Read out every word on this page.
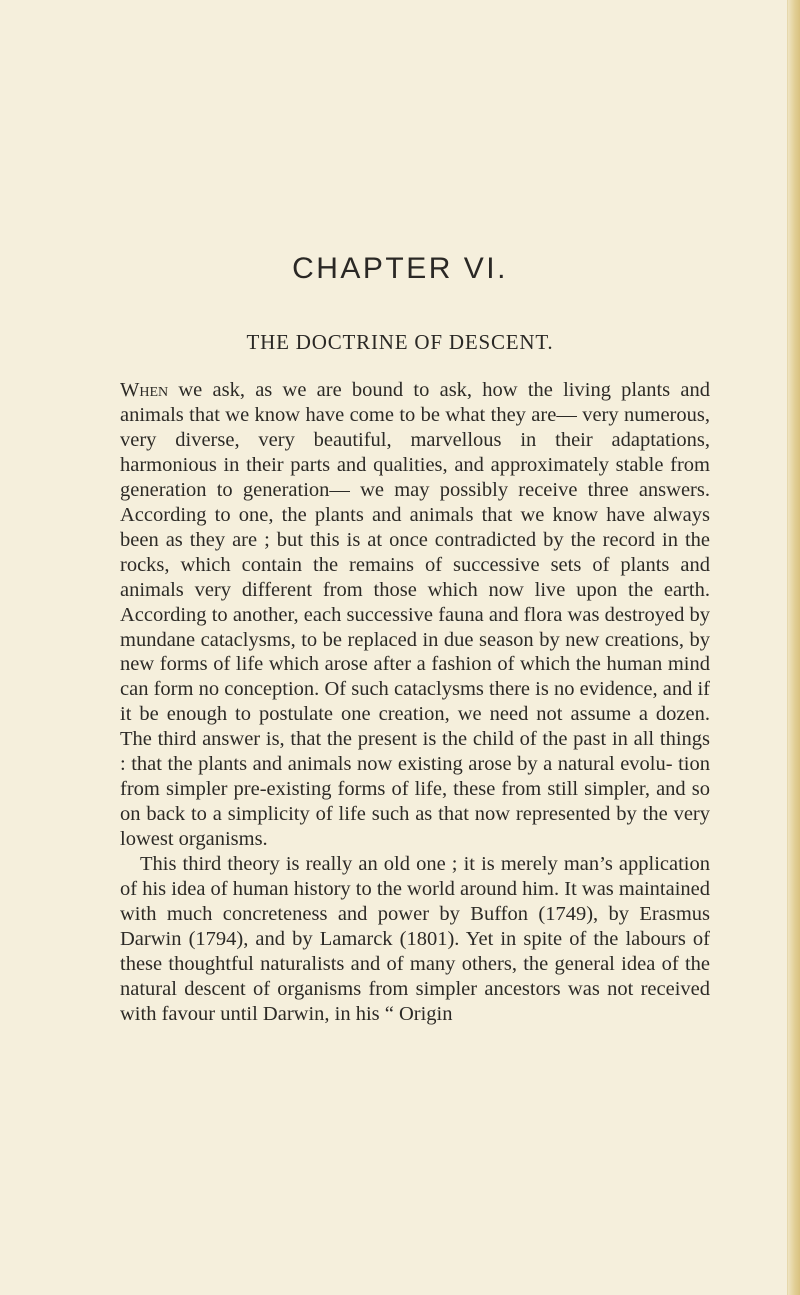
CHAPTER VI.
THE DOCTRINE OF DESCENT.

When we ask, as we are bound to ask, how the living plants and animals that we know have come to be what they are— very numerous, very diverse, very beautiful, marvellous in their adaptations, harmonious in their parts and qualities, and approximately stable from generation to generation— we may possibly receive three answers. According to one, the plants and animals that we know have always been as they are ; but this is at once contradicted by the record in the rocks, which contain the remains of successive sets of plants and animals very different from those which now live upon the earth. According to another, each successive fauna and flora was destroyed by mundane cataclysms, to be replaced in due season by new creations, by new forms of life which arose after a fashion of which the human mind can form no conception. Of such cataclysms there is no evidence, and if it be enough to postulate one creation, we need not assume a dozen. The third answer is, that the present is the child of the past in all things : that the plants and animals now existing arose by a natural evolu- tion from simpler pre-existing forms of life, these from still simpler, and so on back to a simplicity of life such as that now represented by the very lowest organisms.

This third theory is really an old one ; it is merely man’s application of his idea of human history to the world around him. It was maintained with much concreteness and power by Buffon (1749), by Erasmus Darwin (1794), and by Lamarck (1801). Yet in spite of the labours of these thoughtful naturalists and of many others, the general idea of the natural descent of organisms from simpler ancestors was not received with favour until Darwin, in his “ Origin
